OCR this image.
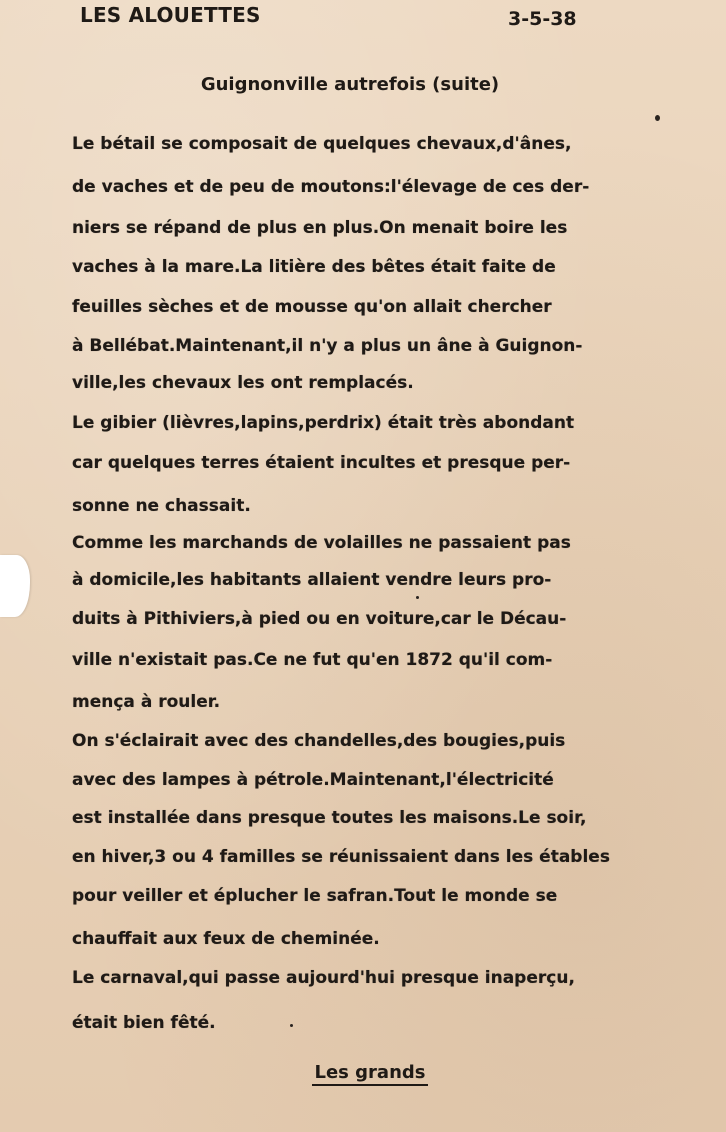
LES ALOUETTES	3-5-38
Guignonville autrefois (suite)
Le bétail se composait de quelques chevaux,d'ânes,
de vaches et de peu de moutons:l'élevage de ces der-
niers se répand de plus en plus.On menait boire les
vaches à la mare.La litière des bêtes était faite de
feuilles sèches et de mousse qu'on allait chercher
à Bellébat.Maintenant,il n'y a plus un âne à Guignon-
ville,les chevaux les ont remplacés.
Le gibier (lièvres,lapins,perdrix) était très abondant
car quelques terres étaient incultes et presque per-
sonne ne chassait.
Comme les marchands de volailles ne passaient pas
à domicile,les habitants allaient vendre leurs pro-
duits à Pithiviers,à pied ou en voiture,car le Décau-
ville n'existait pas.Ce ne fut qu'en 1872 qu'il com-
mença à rouler.
On s'éclairait avec des chandelles,des bougies,puis
avec des lampes à pétrole.Maintenant,l'électricité
est installée dans presque toutes les maisons.Le soir,
en hiver,3 ou 4 familles se réunissaient dans les étables
pour veiller et éplucher le safran.Tout le monde se
chauffait aux feux de cheminée.
Le carnaval,qui passe aujourd'hui presque inaperçu,
était bien fêté.
Les grands
